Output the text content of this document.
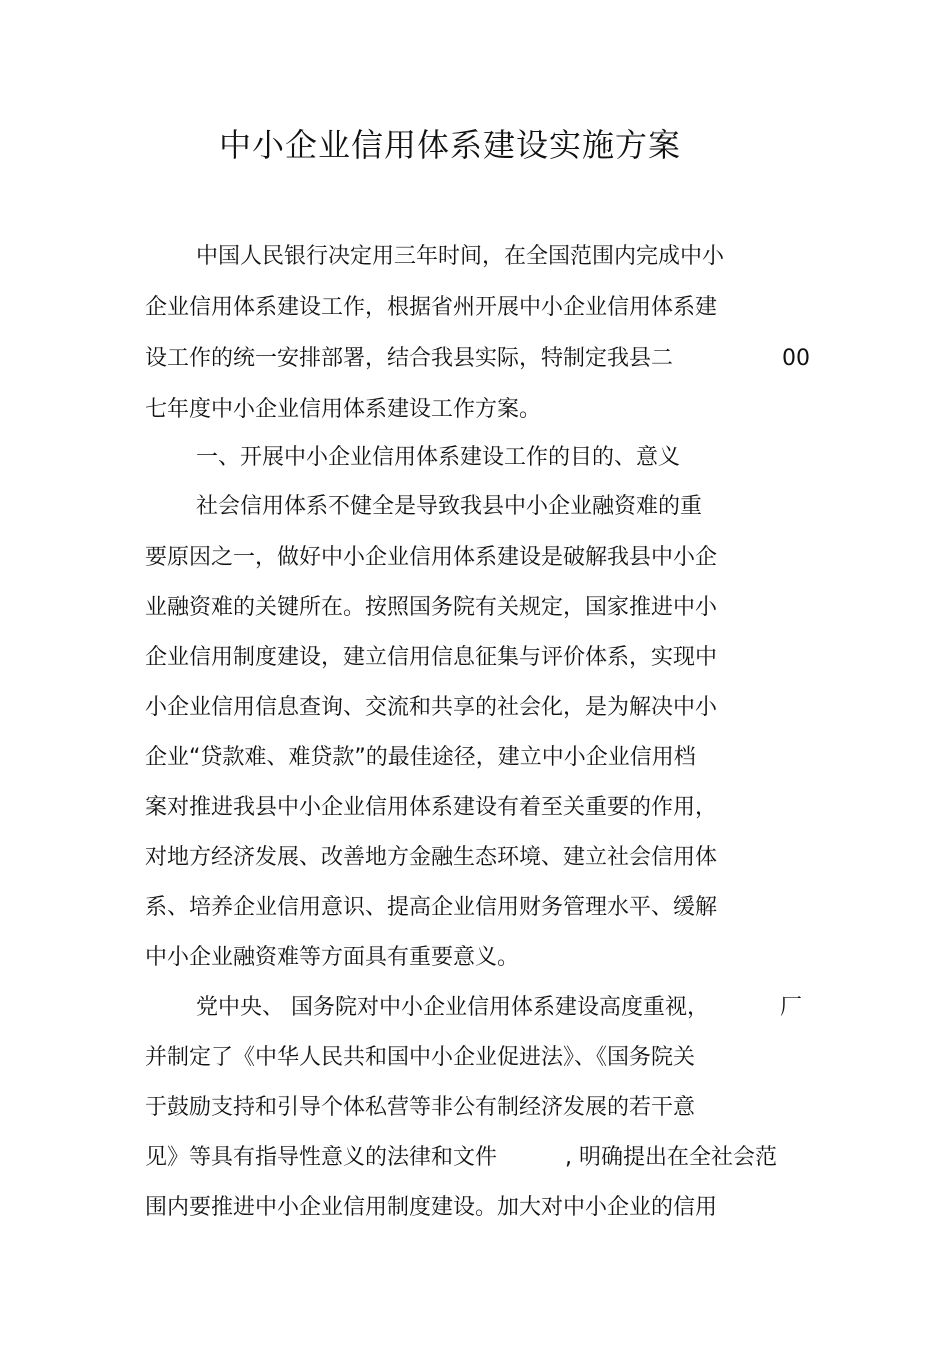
中小企业信用体系建设实施方案
中国人民银行决定用三年时间，在全国范围内完成中小
企业信用体系建设工作，根据省州开展中小企业信用体系建
设工作的统一安排部署，结合我县实际，特制定我县二	00
七年度中小企业信用体系建设工作方案。
一、开展中小企业信用体系建设工作的目的、意义
社会信用体系不健全是导致我县中小企业融资难的重
要原因之一，做好中小企业信用体系建设是破解我县中小企
业融资难的关键所在。按照国务院有关规定，国家推进中小
企业信用制度建设，建立信用信息征集与评价体系，实现中
小企业信用信息查询、交流和共享的社会化，是为解决中小
企业“贷款难、难贷款”的最佳途径，建立中小企业信用档
案对推进我县中小企业信用体系建设有着至关重要的作用，
对地方经济发展、改善地方金融生态环境、建立社会信用体
系、培养企业信用意识、提高企业信用财务管理水平、缓解
中小企业融资难等方面具有重要意义。
党中央、 国务院对中小企业信用体系建设高度重视，	厂
并制定了《中华人民共和国中小企业促进法》、《国务院关
于鼓励支持和引导个体私营等非公有制经济发展的若干意
见》等具有指导性意义的法律和文件	, 明确提出在全社会范
围内要推进中小企业信用制度建设。加大对中小企业的信用
